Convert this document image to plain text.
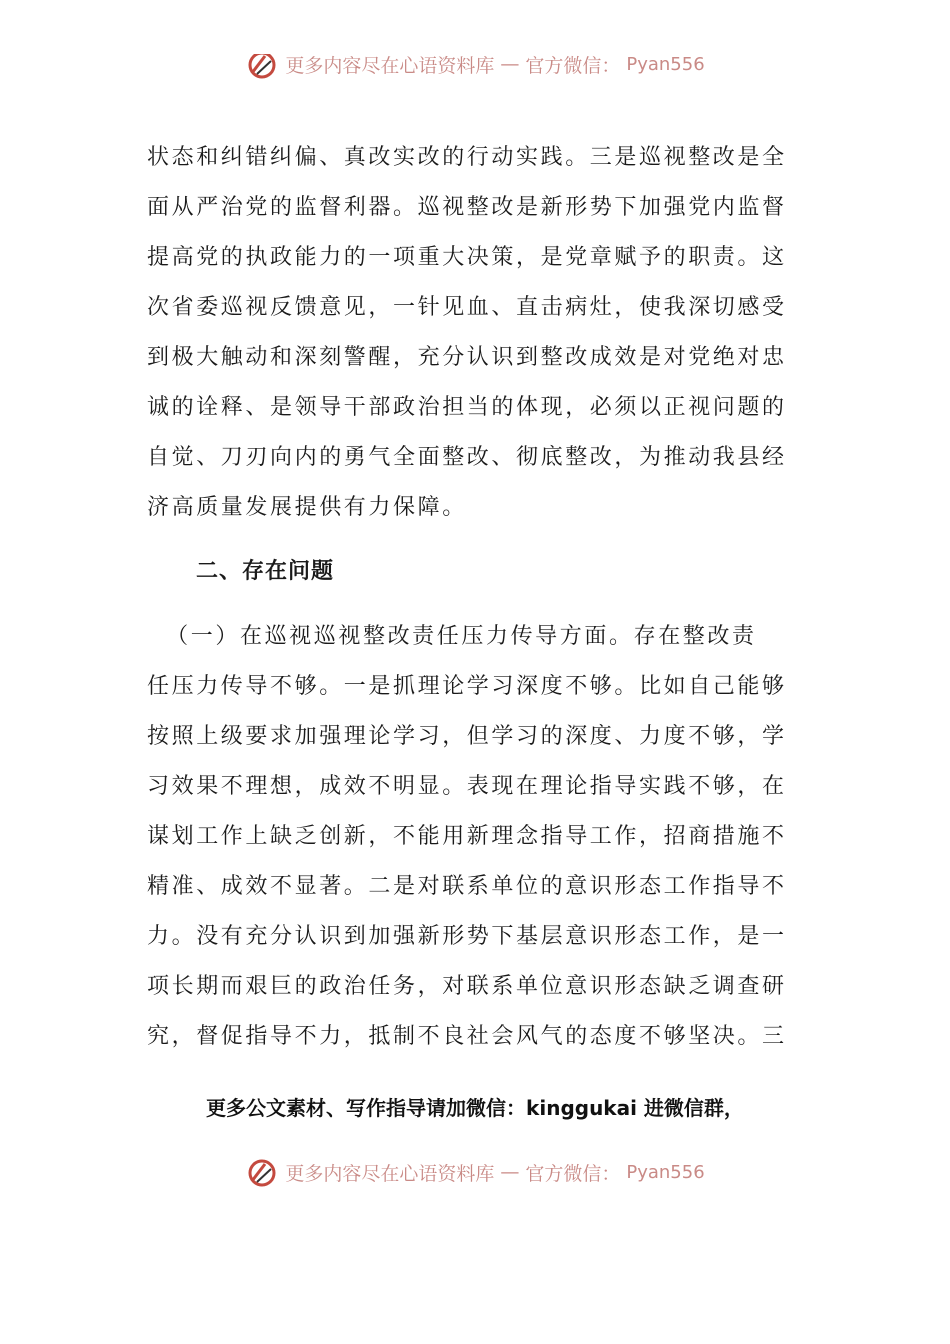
更多内容尽在心语资料库 — 官方微信： Pyan556
状态和纠错纠偏、真改实改的行动实践。三是巡视整改是全
面从严治党的监督利器。巡视整改是新形势下加强党内监督
提高党的执政能力的一项重大决策，是党章赋予的职责。这
次省委巡视反馈意见，一针见血、直击病灶，使我深切感受
到极大触动和深刻警醒，充分认识到整改成效是对党绝对忠
诚的诠释、是领导干部政治担当的体现，必须以正视问题的
自觉、刀刃向内的勇气全面整改、彻底整改，为推动我县经
济高质量发展提供有力保障。
二、存在问题
（一）在巡视巡视整改责任压力传导方面。存在整改责
任压力传导不够。一是抓理论学习深度不够。比如自己能够
按照上级要求加强理论学习，但学习的深度、力度不够，学
习效果不理想，成效不明显。表现在理论指导实践不够，在
谋划工作上缺乏创新，不能用新理念指导工作，招商措施不
精准、成效不显著。二是对联系单位的意识形态工作指导不
力。没有充分认识到加强新形势下基层意识形态工作，是一
项长期而艰巨的政治任务，对联系单位意识形态缺乏调查研
究，督促指导不力，抵制不良社会风气的态度不够坚决。三
更多公文素材、写作指导请加微信：kinggukai 进微信群，
更多内容尽在心语资料库 — 官方微信： Pyan556
